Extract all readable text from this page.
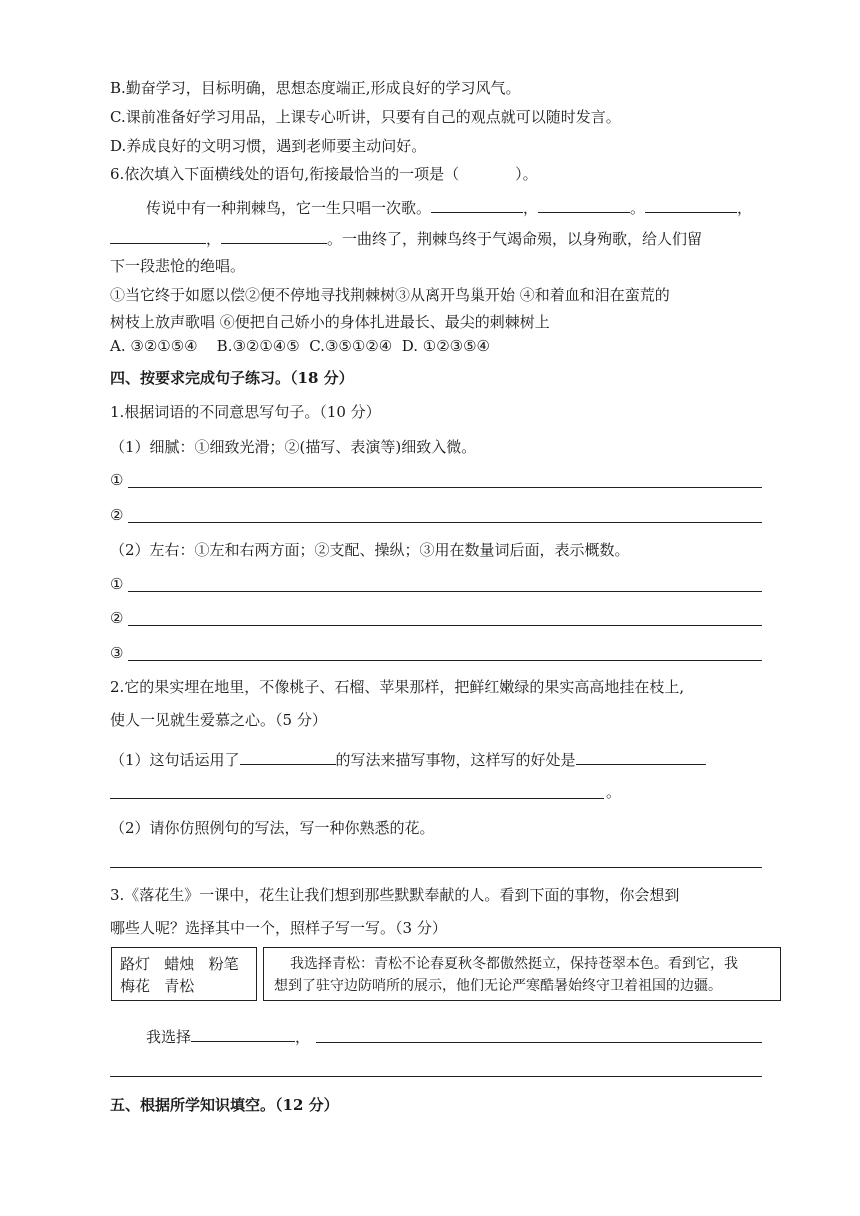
B.勤奋学习，目标明确，思想态度端正,形成良好的学习风气。
C.课前准备好学习用品，上课专心听讲，只要有自己的观点就可以随时发言。
D.养成良好的文明习惯，遇到老师要主动问好。
6.依次填入下面横线处的语句,衔接最恰当的一项是（	）。
传说中有一种荆棘鸟，它一生只唱一次歌。	，	。	，
，	。一曲终了，荆棘鸟终于气竭命殒，以身殉歌，给人们留
下一段悲怆的绝唱。
①当它终于如愿以偿②便不停地寻找荆棘树③从离开鸟巢开始 ④和着血和泪在蛮荒的
树枝上放声歌唱 ⑥便把自己娇小的身体扎进最长、最尖的刺棘树上
A. ③②①⑤④    B.③②①④⑤  C.③⑤①②④  D. ①②③⑤④
四、按要求完成句子练习。（18 分）
1.根据词语的不同意思写句子。（10 分）
（1）细腻：①细致光滑；②(描写、表演等)细致入微。
①
②
（2）左右：①左和右两方面；②支配、操纵；③用在数量词后面，表示概数。
①
②
③
2.它的果实埋在地里，不像桃子、石榴、苹果那样，把鲜红嫩绿的果实高高地挂在枝上,
使人一见就生爱慕之心。（5 分）
（1）这句话运用了	的写法来描写事物，这样写的好处是
。
（2）请你仿照例句的写法，写一种你熟悉的花。
3.《落花生》一课中，花生让我们想到那些默默奉献的人。看到下面的事物，你会想到
哪些人呢？选择其中一个，照样子写一写。（3 分）
路灯   蜡烛   粉笔
梅花   青松
我选择青松：青松不论春夏秋冬都傲然挺立，保持苍翠本色。看到它，我
想到了驻守边防哨所的展示，他们无论严寒酷暑始终守卫着祖国的边疆。
我选择	，
五、根据所学知识填空。（12 分）
